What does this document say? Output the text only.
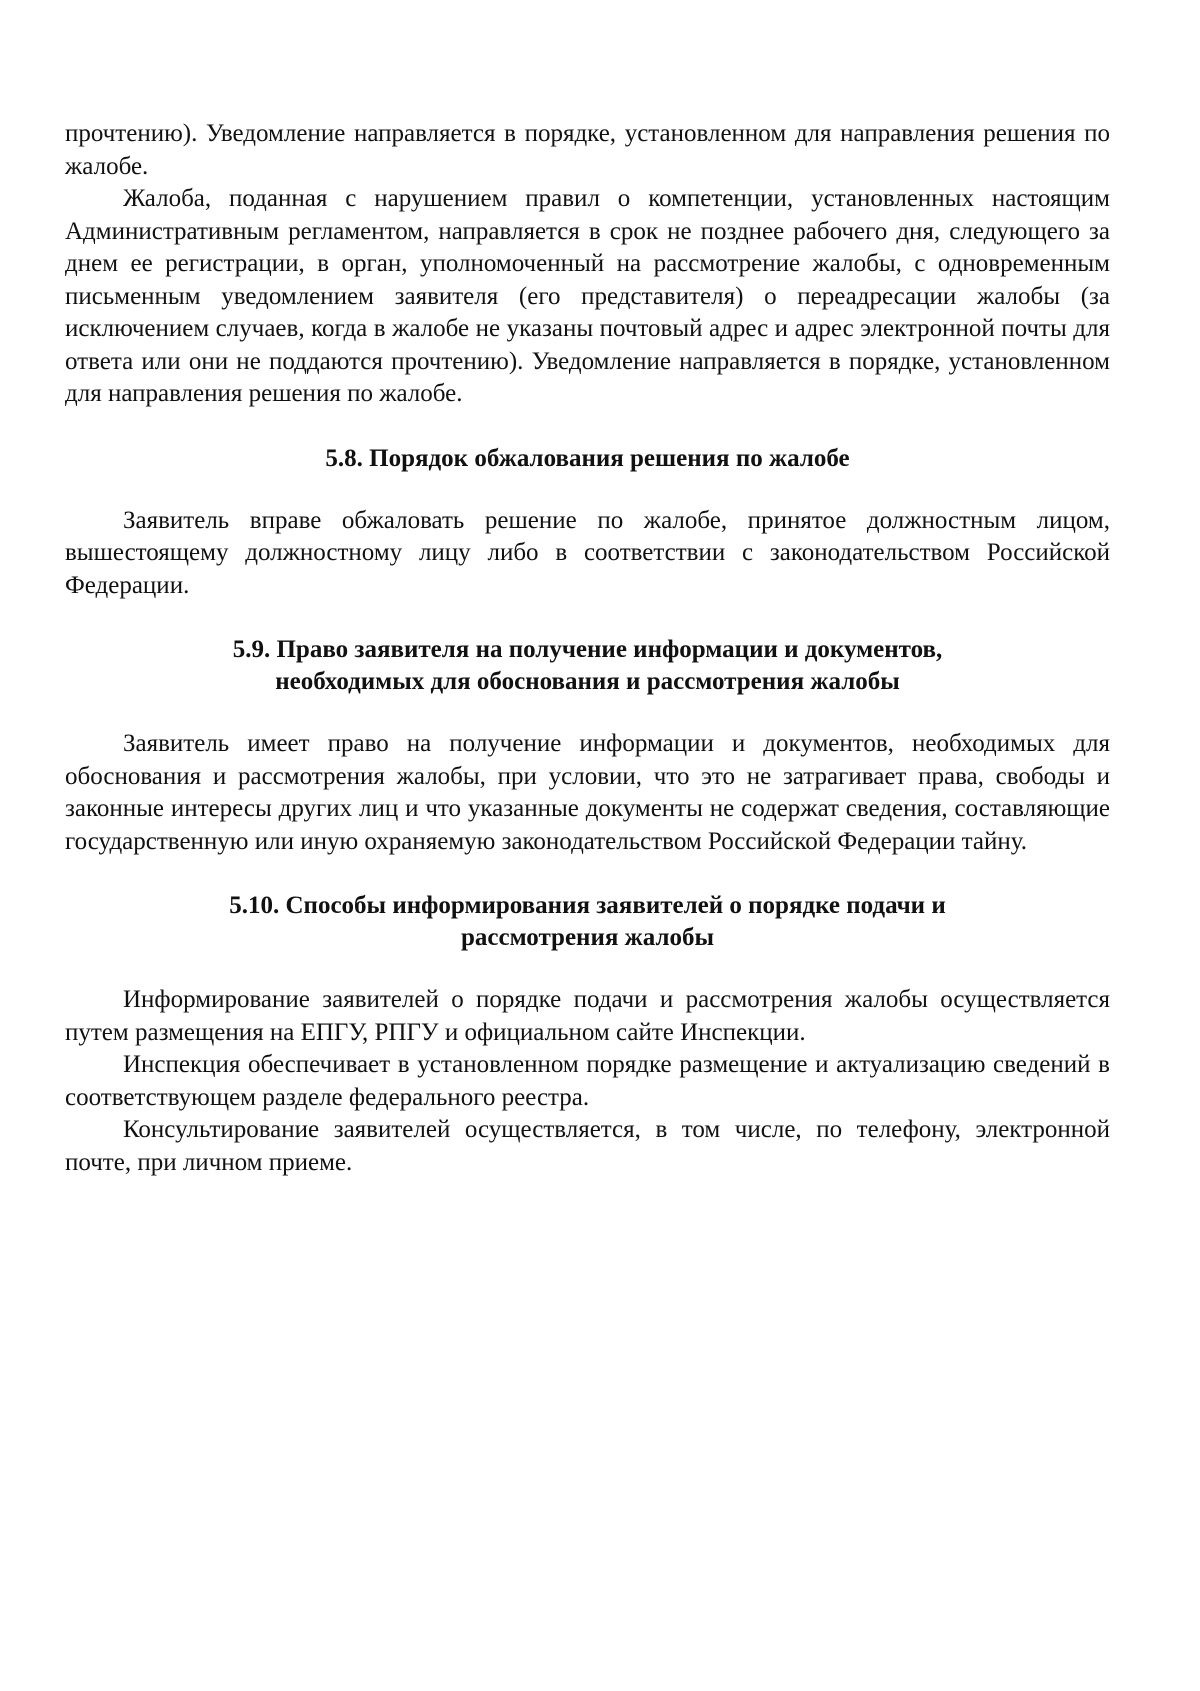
прочтению). Уведомление направляется в порядке, установленном для направления решения по жалобе.

Жалоба, поданная с нарушением правил о компетенции, установленных настоящим Административным регламентом, направляется в срок не позднее рабочего дня, следующего за днем ее регистрации, в орган, уполномоченный на рассмотрение жалобы, с одновременным письменным уведомлением заявителя (его представителя) о переадресации жалобы (за исключением случаев, когда в жалобе не указаны почтовый адрес и адрес электронной почты для ответа или они не поддаются прочтению). Уведомление направляется в порядке, установленном для направления решения по жалобе.

5.8. Порядок обжалования решения по жалобе

Заявитель вправе обжаловать решение по жалобе, принятое должностным лицом, вышестоящему должностному лицу либо в соответствии с законодательством Российской Федерации.

5.9. Право заявителя на получение информации и документов,
необходимых для обоснования и рассмотрения жалобы

Заявитель имеет право на получение информации и документов, необходимых для обоснования и рассмотрения жалобы, при условии, что это не затрагивает права, свободы и законные интересы других лиц и что указанные документы не содержат сведения, составляющие государственную или иную охраняемую законодательством Российской Федерации тайну.

5.10. Способы информирования заявителей о порядке подачи и
рассмотрения жалобы

Информирование заявителей о порядке подачи и рассмотрения жалобы осуществляется путем размещения на ЕПГУ, РПГУ и официальном сайте Инспекции.

Инспекция обеспечивает в установленном порядке размещение и актуализацию сведений в соответствующем разделе федерального реестра.

Консультирование заявителей осуществляется, в том числе, по телефону, электронной почте, при личном приеме.
